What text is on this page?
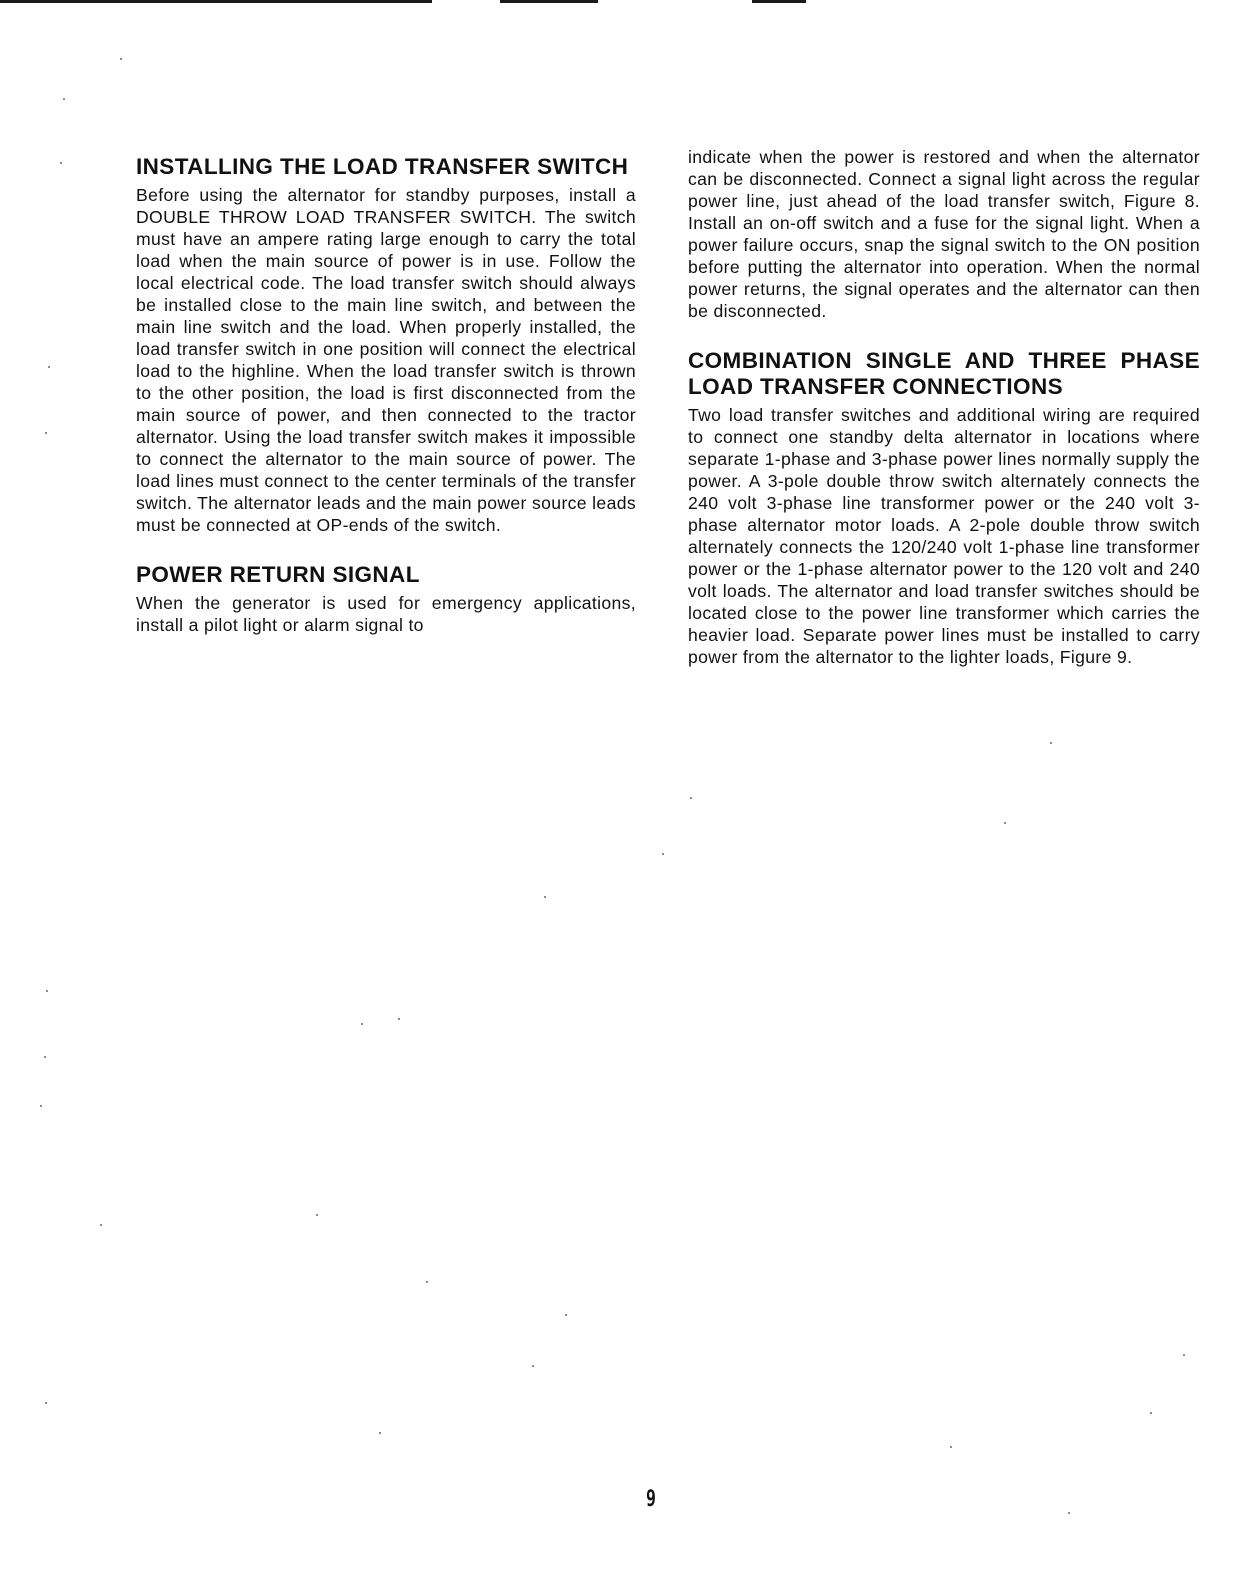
INSTALLING THE LOAD TRANSFER SWITCH

Before using the alternator for standby purposes, install a DOUBLE THROW LOAD TRANSFER SWITCH. The switch must have an ampere rating large enough to carry the total load when the main source of power is in use. Follow the local electrical code. The load transfer switch should always be installed close to the main line switch, and between the main line switch and the load. When properly installed, the load transfer switch in one position will connect the electrical load to the highline. When the load transfer switch is thrown to the other position, the load is first disconnected from the main source of power, and then connected to the tractor alternator. Using the load transfer switch makes it impossible to connect the alternator to the main source of power. The load lines must connect to the center terminals of the transfer switch. The alternator leads and the main power source leads must be connected at OP-ends of the switch.

POWER RETURN SIGNAL

When the generator is used for emergency applications, install a pilot light or alarm signal to

indicate when the power is restored and when the alternator can be disconnected. Connect a signal light across the regular power line, just ahead of the load transfer switch, Figure 8. Install an on-off switch and a fuse for the signal light. When a power failure occurs, snap the signal switch to the ON position before putting the alternator into operation. When the normal power returns, the signal operates and the alternator can then be disconnected.

COMBINATION SINGLE AND THREE PHASE LOAD TRANSFER CONNECTIONS

Two load transfer switches and additional wiring are required to connect one standby delta alternator in locations where separate 1-phase and 3-phase power lines normally supply the power. A 3-pole double throw switch alternately connects the 240 volt 3-phase line transformer power or the 240 volt 3-phase alternator motor loads. A 2-pole double throw switch alternately connects the 120/240 volt 1-phase line transformer power or the 1-phase alternator power to the 120 volt and 240 volt loads. The alternator and load transfer switches should be located close to the power line transformer which carries the heavier load. Separate power lines must be installed to carry power from the alternator to the lighter loads, Figure 9.

9
